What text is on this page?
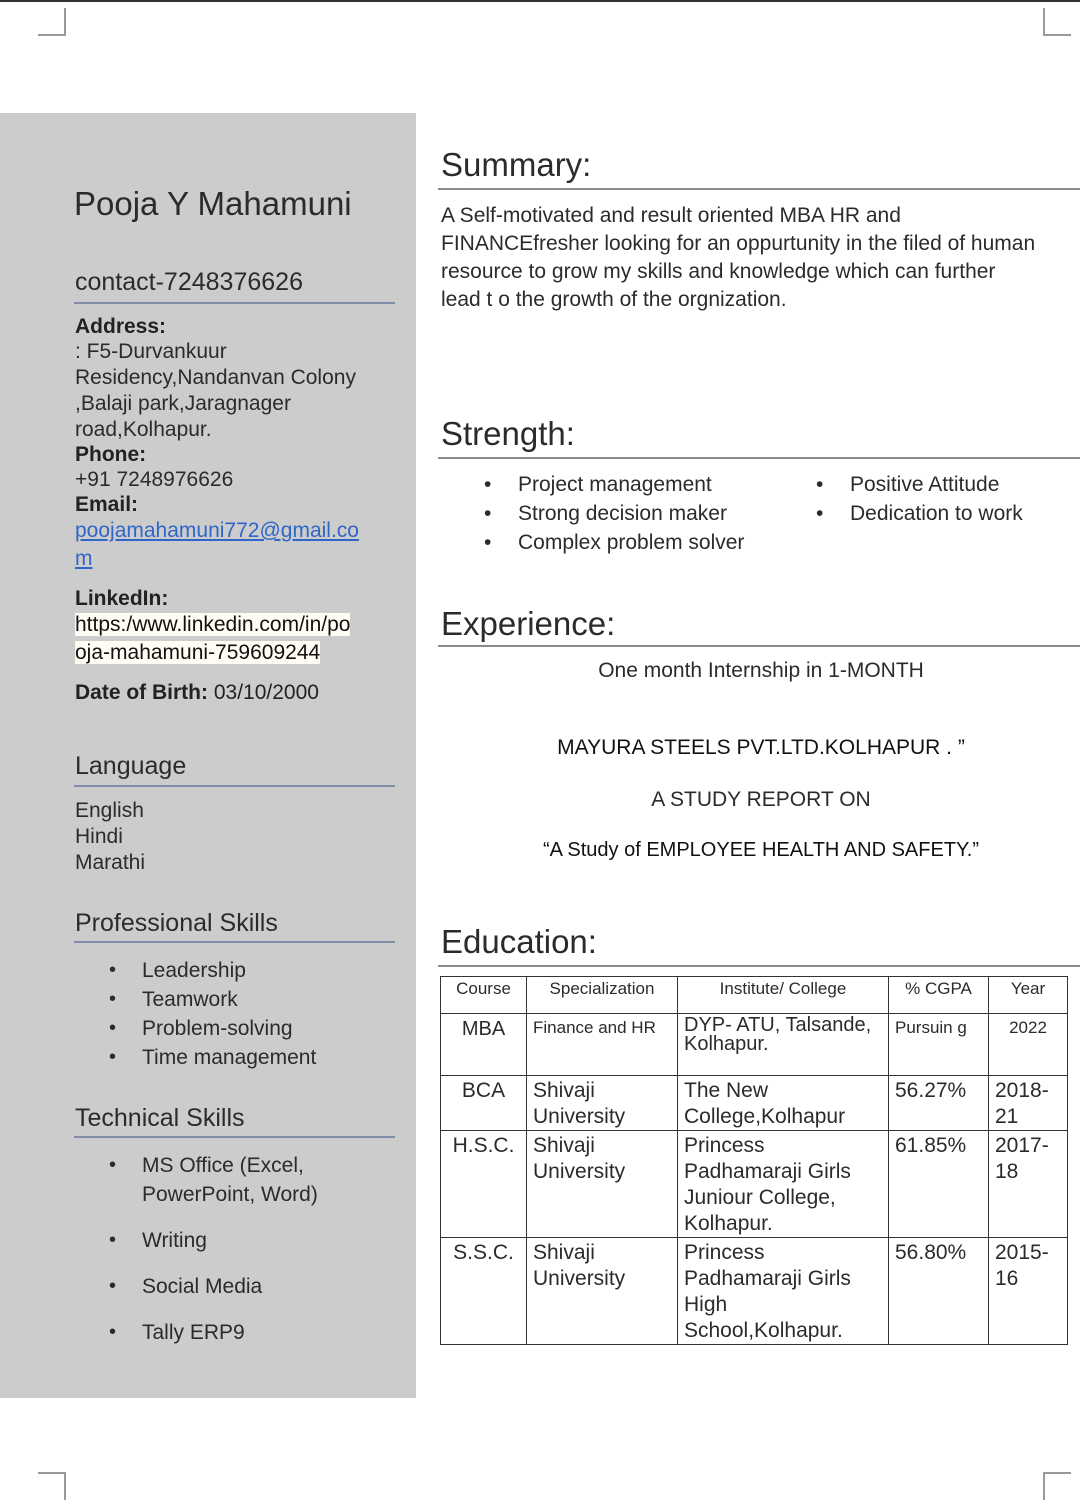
Pooja Y Mahamuni
contact-7248376626
Address:
: F5-Durvankuur
Residency,Nandanvan Colony
,Balaji park,Jaragnager
road,Kolhapur.
Phone:
+91 7248976626
Email:
poojamahamuni772@gmail.co
m
LinkedIn:
https:/www.linkedin.com/in/po
oja-mahamuni-759609244
Date of Birth: 03/10/2000
Language
English
Hindi
Marathi
Professional Skills
• Leadership
• Teamwork
• Problem-solving
• Time management
Technical Skills
• MS Office (Excel,
PowerPoint, Word)
• Writing
• Social Media
• Tally ERP9
Summary:
A Self-motivated and result oriented MBA HR and
FINANCEfresher looking for an oppurtunity in the filed of human
resource to grow my skills and knowledge which can further
lead t o the growth of the orgnization.
Strength:
• Project management
• Strong decision maker
• Complex problem solver
• Positive Attitude
• Dedication to work
Experience:
One month Internship in 1-MONTH
MAYURA STEELS PVT.LTD.KOLHAPUR . ”
A STUDY REPORT ON
“A Study of EMPLOYEE HEALTH AND SAFETY.”
Education:
Course	Specialization	Institute/ College	% CGPA	Year
MBA	Finance and HR	DYP- ATU, Talsande, Kolhapur.	Pursuin g	2022
BCA	Shivaji University	The New College,Kolhapur	56.27%	2018-21
H.S.C.	Shivaji University	Princess Padhamaraji Girls Juniour College, Kolhapur.	61.85%	2017-18
S.S.C.	Shivaji University	Princess Padhamaraji Girls High School,Kolhapur.	56.80%	2015-16
